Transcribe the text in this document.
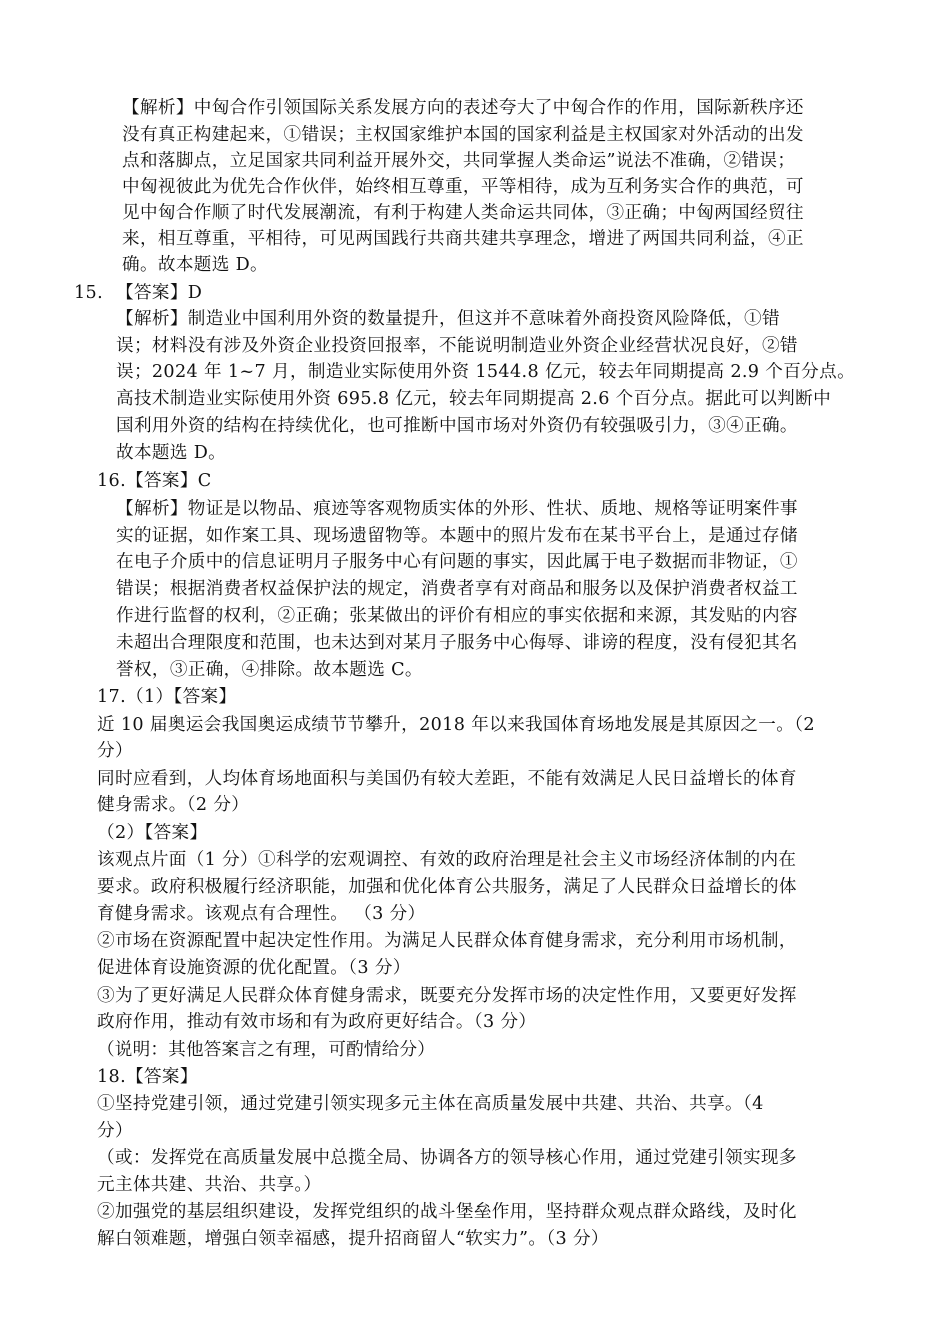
【解析】中匈合作引领国际关系发展方向的表述夸大了中匈合作的作用，国际新秩序还
没有真正构建起来，①错误；主权国家维护本国的国家利益是主权国家对外活动的出发
点和落脚点，立足国家共同利益开展外交，共同掌握人类命运”说法不准确，②错误；
中匈视彼此为优先合作伙伴，始终相互尊重，平等相待，成为互利务实合作的典范，可
见中匈合作顺了时代发展潮流，有利于构建人类命运共同体，③正确；中匈两国经贸往
来，相互尊重，平相待，可见两国践行共商共建共享理念，增进了两国共同利益，④正
确。故本题选 D。
15. 【答案】D
【解析】制造业中国利用外资的数量提升，但这并不意味着外商投资风险降低，①错
误；材料没有涉及外资企业投资回报率，不能说明制造业外资企业经营状况良好，②错
误；2024 年 1~7 月，制造业实际使用外资 1544.8 亿元，较去年同期提高 2.9 个百分点。
高技术制造业实际使用外资 695.8 亿元，较去年同期提高 2.6 个百分点。据此可以判断中
国利用外资的结构在持续优化，也可推断中国市场对外资仍有较强吸引力，③④正确。
故本题选 D。
16.【答案】C
【解析】物证是以物品、痕迹等客观物质实体的外形、性状、质地、规格等证明案件事
实的证据，如作案工具、现场遗留物等。本题中的照片发布在某书平台上，是通过存储
在电子介质中的信息证明月子服务中心有问题的事实，因此属于电子数据而非物证，①
错误；根据消费者权益保护法的规定，消费者享有对商品和服务以及保护消费者权益工
作进行监督的权利，②正确；张某做出的评价有相应的事实依据和来源，其发贴的内容
未超出合理限度和范围，也未达到对某月子服务中心侮辱、诽谤的程度，没有侵犯其名
誉权，③正确，④排除。故本题选 C。
17.（1）【答案】
近 10 届奥运会我国奥运成绩节节攀升，2018 年以来我国体育场地发展是其原因之一。（2
分）
同时应看到，人均体育场地面积与美国仍有较大差距，不能有效满足人民日益增长的体育
健身需求。（2 分）
（2）【答案】
该观点片面（1 分）①科学的宏观调控、有效的政府治理是社会主义市场经济体制的内在
要求。政府积极履行经济职能，加强和优化体育公共服务，满足了人民群众日益增长的体
育健身需求。该观点有合理性。 （3 分）
②市场在资源配置中起决定性作用。为满足人民群众体育健身需求，充分利用市场机制，
促进体育设施资源的优化配置。（3 分）
③为了更好满足人民群众体育健身需求，既要充分发挥市场的决定性作用，又要更好发挥
政府作用，推动有效市场和有为政府更好结合。（3 分）
（说明：其他答案言之有理，可酌情给分）
18.【答案】
①坚持党建引领，通过党建引领实现多元主体在高质量发展中共建、共治、共享。（4
分）
（或：发挥党在高质量发展中总揽全局、协调各方的领导核心作用，通过党建引领实现多
元主体共建、共治、共享。）
②加强党的基层组织建设，发挥党组织的战斗堡垒作用，坚持群众观点群众路线，及时化
解白领难题，增强白领幸福感，提升招商留人“软实力”。（3 分）
